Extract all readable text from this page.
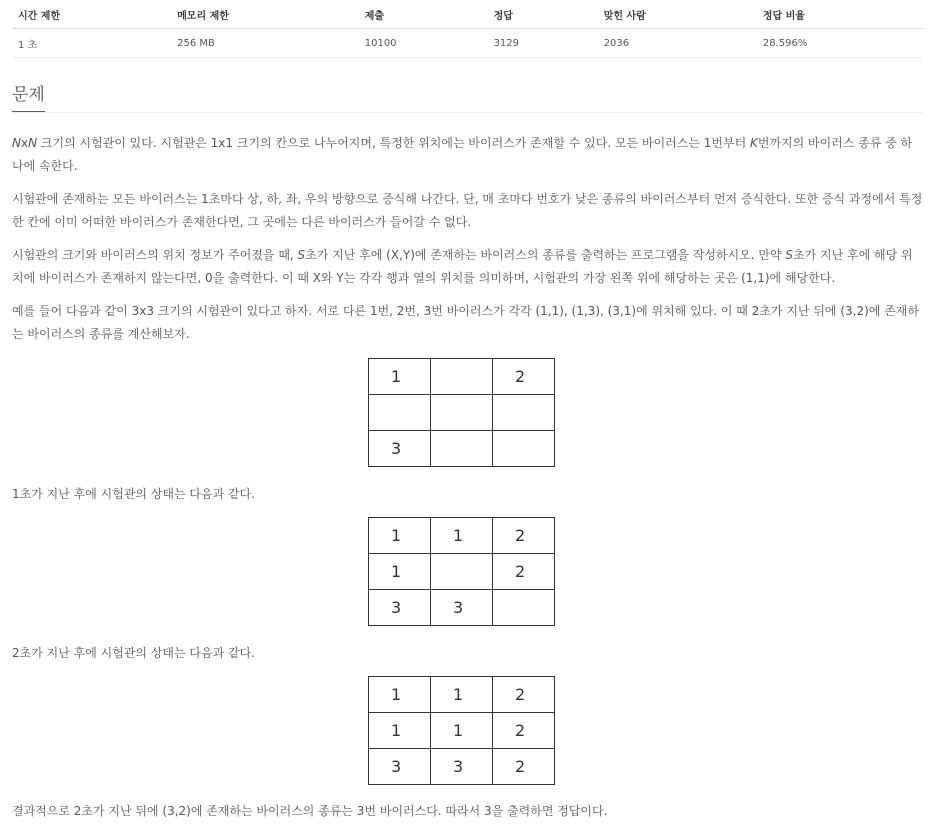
시간 제한	메모리 제한	제출	정답	맞힌 사람	정답 비율
1 초	256 MB	10100	3129	2036	28.596%
문제

NxN 크기의 시험관이 있다. 시험관은 1x1 크기의 칸으로 나누어지며, 특정한 위치에는 바이러스가 존재할 수 있다. 모든 바이러스는 1번부터 K번까지의 바이러스 종류 중 하나에 속한다.

시험관에 존재하는 모든 바이러스는 1초마다 상, 하, 좌, 우의 방향으로 증식해 나간다. 단, 매 초마다 번호가 낮은 종류의 바이러스부터 먼저 증식한다. 또한 증식 과정에서 특정한 칸에 이미 어떠한 바이러스가 존재한다면, 그 곳에는 다른 바이러스가 들어갈 수 없다.

시험관의 크기와 바이러스의 위치 정보가 주어졌을 때, S초가 지난 후에 (X,Y)에 존재하는 바이러스의 종류를 출력하는 프로그램을 작성하시오. 만약 S초가 지난 후에 해당 위치에 바이러스가 존재하지 않는다면, 0을 출력한다. 이 때 X와 Y는 각각 행과 열의 위치를 의미하며, 시험관의 가장 왼쪽 위에 해당하는 곳은 (1,1)에 해당한다.

예를 들어 다음과 같이 3x3 크기의 시험관이 있다고 하자. 서로 다른 1번, 2번, 3번 바이러스가 각각 (1,1), (1,3), (3,1)에 위치해 있다. 이 때 2초가 지난 뒤에 (3,2)에 존재하는 바이러스의 종류를 계산해보자.

1		2

3		

1초가 지난 후에 시험관의 상태는 다음과 같다.

1	1	2
1		2
3	3	

2초가 지난 후에 시험관의 상태는 다음과 같다.

1	1	2
1	1	2
3	3	2

결과적으로 2초가 지난 뒤에 (3,2)에 존재하는 바이러스의 종류는 3번 바이러스다. 따라서 3을 출력하면 정답이다.
